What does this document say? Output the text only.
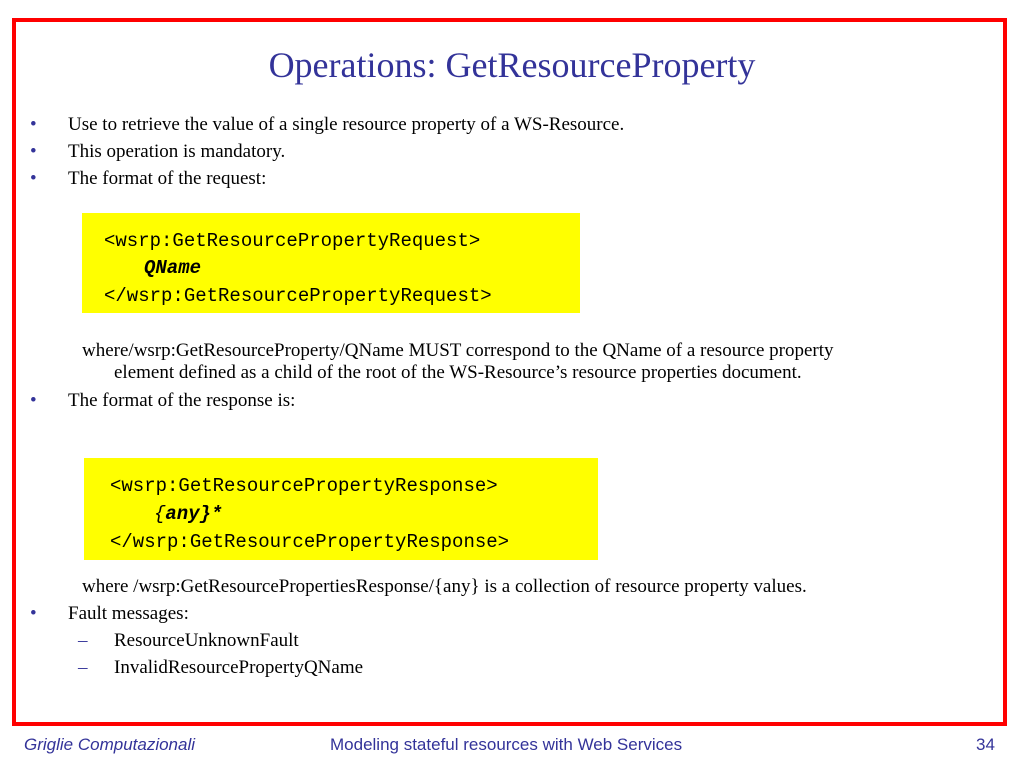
Operations: GetResourceProperty
• Use to retrieve the value of a single resource property of a WS-Resource.
• This operation is mandatory.
• The format of the request:
<wsrp:GetResourcePropertyRequest>
QName
</wsrp:GetResourcePropertyRequest>
where/wsrp:GetResourceProperty/QName MUST correspond to the QName of a resource property
element defined as a child of the root of the WS-Resource’s resource properties document.
• The format of the response is:
<wsrp:GetResourcePropertyResponse>
{any}*
</wsrp:GetResourcePropertyResponse>
where /wsrp:GetResourcePropertiesResponse/{any} is a collection of resource property values.
• Fault messages:
– ResourceUnknownFault
– InvalidResourcePropertyQName
Griglie Computazionali	Modeling stateful resources with Web Services	34
